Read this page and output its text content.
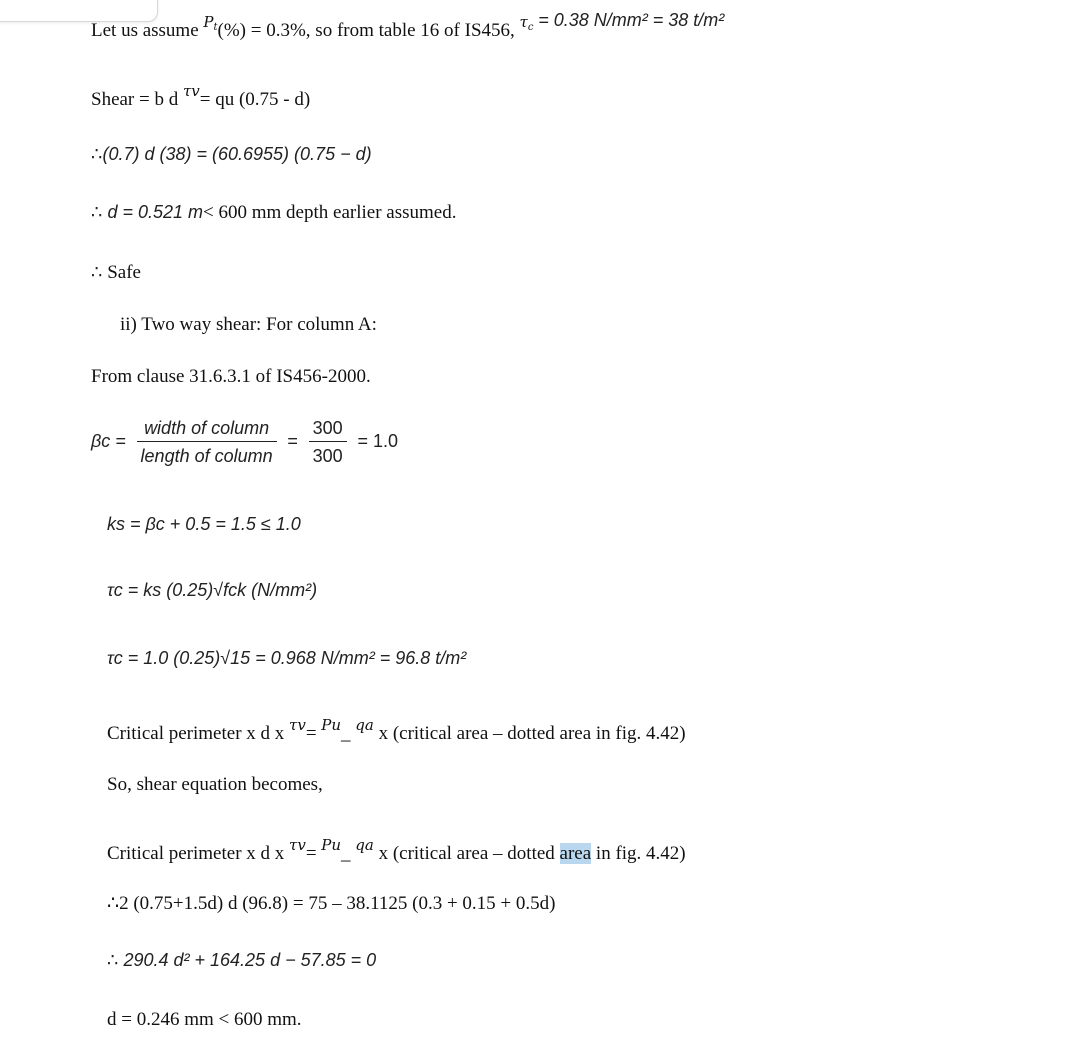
Let us assume $^{Pt}$(%) = 0.3%, so from table 16 of IS456, $^{\tau c}$ = 0.38 N/mm² = 38 t/m²
Shear = b d $^{\tau v}$= qu (0.75 - d)
∴(0.7) d (38) = (60.6955) (0.75 − d)
∴ d = 0.521 m< 600 mm depth earlier assumed.
∴ Safe
ii) Two way shear: For column A:
From clause 31.6.3.1 of IS456-2000.
$\beta c = \frac{\text{width of column}}{\text{length of column}} = \frac{300}{300} = 1.0$
ks = βc + 0.5 = 1.5 ≤ 1.0
τc = ks (0.25)√fck (N/mm²)
τc = 1.0 (0.25)√15 = 0.968 N/mm² = 96.8 t/m²
Critical perimeter x d x $^{\tau v}$= $^{Pu}$_ $^{qa}$ x (critical area – dotted area in fig. 4.42)
So, shear equation becomes,
Critical perimeter x d x $^{\tau v}$= $^{Pu}$_ $^{qa}$ x (critical area – dotted area in fig. 4.42)
∴2 (0.75+1.5d) d (96.8) = 75 – 38.1125 (0.3 + 0.15 + 0.5d)
∴ 290.4 d² + 164.25 d − 57.85 = 0
d = 0.246 mm < 600 mm.
